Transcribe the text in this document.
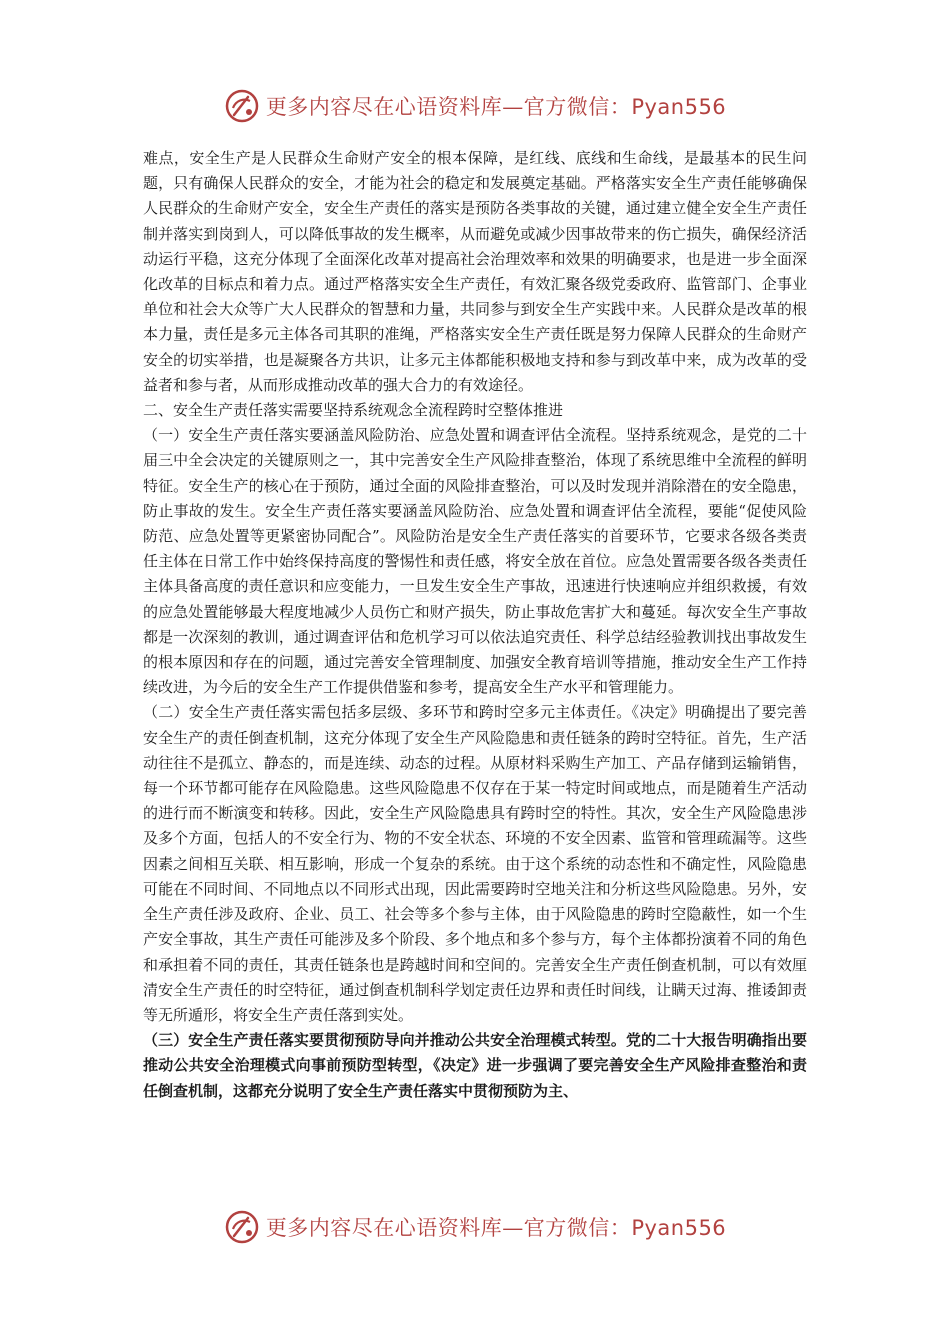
更多内容尽在心语资料库—官方微信：Pyan556

难点，安全生产是人民群众生命财产安全的根本保障，是红线、底线和生命线，是最基本的民生问题，只有确保人民群众的安全，才能为社会的稳定和发展奠定基础。严格落实安全生产责任能够确保人民群众的生命财产安全，安全生产责任的落实是预防各类事故的关键，通过建立健全安全生产责任制并落实到岗到人，可以降低事故的发生概率，从而避免或减少因事故带来的伤亡损失，确保经济活动运行平稳，这充分体现了全面深化改革对提高社会治理效率和效果的明确要求，也是进一步全面深化改革的目标点和着力点。通过严格落实安全生产责任，有效汇聚各级党委政府、监管部门、企事业单位和社会大众等广大人民群众的智慧和力量，共同参与到安全生产实践中来。人民群众是改革的根本力量，责任是多元主体各司其职的准绳，严格落实安全生产责任既是努力保障人民群众的生命财产安全的切实举措，也是凝聚各方共识，让多元主体都能积极地支持和参与到改革中来，成为改革的受益者和参与者，从而形成推动改革的强大合力的有效途径。

二、安全生产责任落实需要坚持系统观念全流程跨时空整体推进

（一）安全生产责任落实要涵盖风险防治、应急处置和调查评估全流程。坚持系统观念，是党的二十届三中全会决定的关键原则之一，其中完善安全生产风险排查整治，体现了系统思维中全流程的鲜明特征。安全生产的核心在于预防，通过全面的风险排查整治，可以及时发现并消除潜在的安全隐患，防止事故的发生。安全生产责任落实要涵盖风险防治、应急处置和调查评估全流程，要能“促使风险防范、应急处置等更紧密协同配合”。风险防治是安全生产责任落实的首要环节，它要求各级各类责任主体在日常工作中始终保持高度的警惕性和责任感，将安全放在首位。应急处置需要各级各类责任主体具备高度的责任意识和应变能力，一旦发生安全生产事故，迅速进行快速响应并组织救援，有效的应急处置能够最大程度地减少人员伤亡和财产损失，防止事故危害扩大和蔓延。每次安全生产事故都是一次深刻的教训，通过调查评估和危机学习可以依法追究责任、科学总结经验教训找出事故发生的根本原因和存在的问题，通过完善安全管理制度、加强安全教育培训等措施，推动安全生产工作持续改进，为今后的安全生产工作提供借鉴和参考，提高安全生产水平和管理能力。

（二）安全生产责任落实需包括多层级、多环节和跨时空多元主体责任。《决定》明确提出了要完善安全生产的责任倒查机制，这充分体现了安全生产风险隐患和责任链条的跨时空特征。首先，生产活动往往不是孤立、静态的，而是连续、动态的过程。从原材料采购生产加工、产品存储到运输销售，每一个环节都可能存在风险隐患。这些风险隐患不仅存在于某一特定时间或地点，而是随着生产活动的进行而不断演变和转移。因此，安全生产风险隐患具有跨时空的特性。其次，安全生产风险隐患涉及多个方面，包括人的不安全行为、物的不安全状态、环境的不安全因素、监管和管理疏漏等。这些因素之间相互关联、相互影响，形成一个复杂的系统。由于这个系统的动态性和不确定性，风险隐患可能在不同时间、不同地点以不同形式出现，因此需要跨时空地关注和分析这些风险隐患。另外，安全生产责任涉及政府、企业、员工、社会等多个参与主体，由于风险隐患的跨时空隐蔽性，如一个生产安全事故，其生产责任可能涉及多个阶段、多个地点和多个参与方，每个主体都扮演着不同的角色和承担着不同的责任，其责任链条也是跨越时间和空间的。完善安全生产责任倒查机制，可以有效厘清安全生产责任的时空特征，通过倒查机制科学划定责任边界和责任时间线，让瞒天过海、推诿卸责等无所遁形，将安全生产责任落到实处。

（三）安全生产责任落实要贯彻预防导向并推动公共安全治理模式转型。党的二十大报告明确指出要推动公共安全治理模式向事前预防型转型，《决定》进一步强调了要完善安全生产风险排查整治和责任倒查机制，这都充分说明了安全生产责任落实中贯彻预防为主、

更多内容尽在心语资料库—官方微信：Pyan556
